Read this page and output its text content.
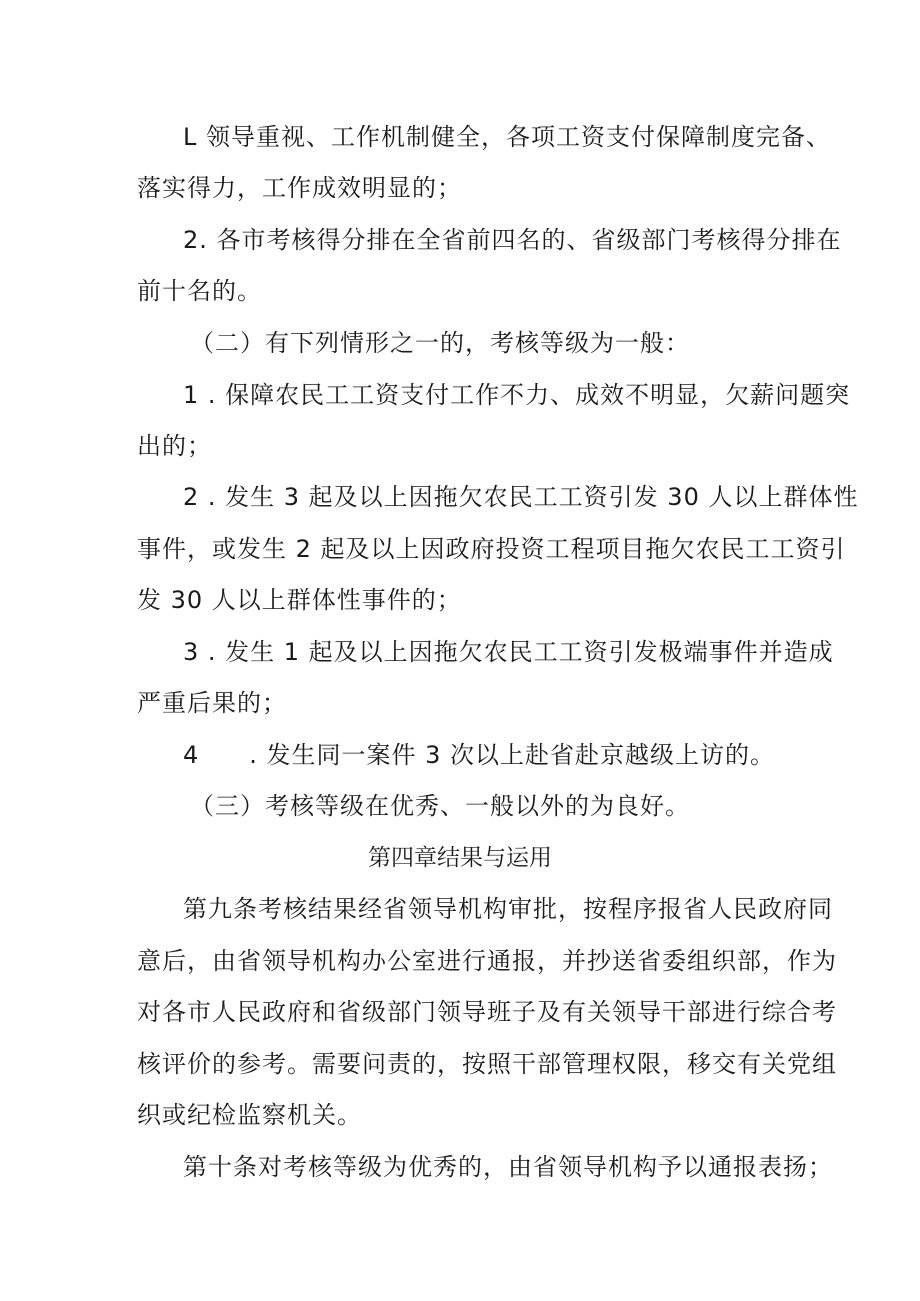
L 领导重视、工作机制健全，各项工资支付保障制度完备、

落实得力，工作成效明显的；

2. 各市考核得分排在全省前四名的、省级部门考核得分排在

前十名的。

（二）有下列情形之一的，考核等级为一般：

1 . 保障农民工工资支付工作不力、成效不明显，欠薪问题突

出的；

2 . 发生 3 起及以上因拖欠农民工工资引发 30 人以上群体性

事件，或发生 2 起及以上因政府投资工程项目拖欠农民工工资引

发 30 人以上群体性事件的；

3 . 发生 1 起及以上因拖欠农民工工资引发极端事件并造成

严重后果的；

4　　. 发生同一案件 3 次以上赴省赴京越级上访的。

（三）考核等级在优秀、一般以外的为良好。

第四章结果与运用

第九条考核结果经省领导机构审批，按程序报省人民政府同

意后，由省领导机构办公室进行通报，并抄送省委组织部，作为

对各市人民政府和省级部门领导班子及有关领导干部进行综合考

核评价的参考。需要问责的，按照干部管理权限，移交有关党组

织或纪检监察机关。

第十条对考核等级为优秀的，由省领导机构予以通报表扬；
